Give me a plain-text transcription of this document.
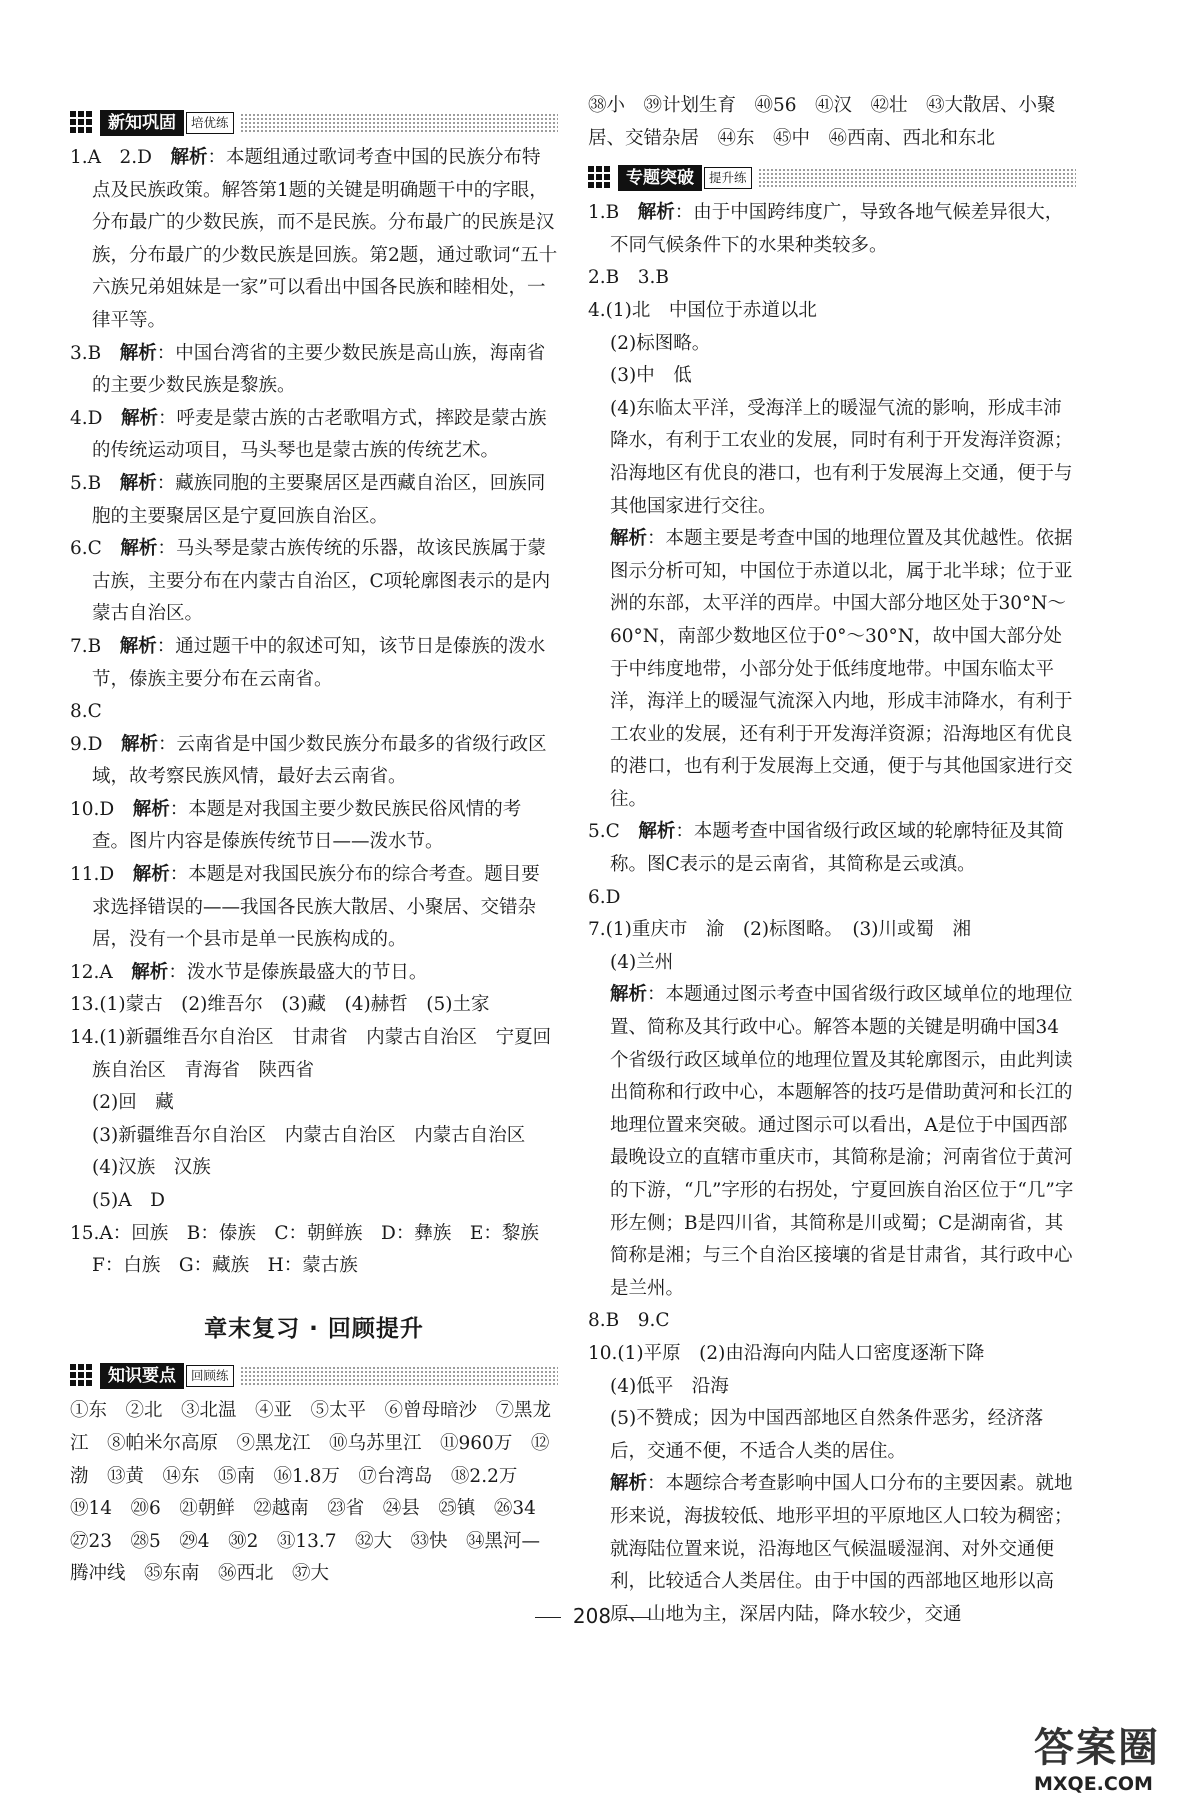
新知巩固	培优练

1.A　2.D　解析：本题组通过歌词考查中国的民族分布特点及民族政策。解答第1题的关键是明确题干中的字眼，分布最广的少数民族，而不是民族。分布最广的民族是汉族，分布最广的少数民族是回族。第2题，通过歌词“五十六族兄弟姐妹是一家”可以看出中国各民族和睦相处，一律平等。

3.B　解析：中国台湾省的主要少数民族是高山族，海南省的主要少数民族是黎族。

4.D　解析：呼麦是蒙古族的古老歌唱方式，摔跤是蒙古族的传统运动项目，马头琴也是蒙古族的传统艺术。

5.B　解析：藏族同胞的主要聚居区是西藏自治区，回族同胞的主要聚居区是宁夏回族自治区。

6.C　解析：马头琴是蒙古族传统的乐器，故该民族属于蒙古族，主要分布在内蒙古自治区，C项轮廓图表示的是内蒙古自治区。

7.B　解析：通过题干中的叙述可知，该节日是傣族的泼水节，傣族主要分布在云南省。

8.C

9.D　解析：云南省是中国少数民族分布最多的省级行政区域，故考察民族风情，最好去云南省。

10.D　解析：本题是对我国主要少数民族民俗风情的考查。图片内容是傣族传统节日——泼水节。

11.D　解析：本题是对我国民族分布的综合考查。题目要求选择错误的——我国各民族大散居、小聚居、交错杂居，没有一个县市是单一民族构成的。

12.A　解析：泼水节是傣族最盛大的节日。

13.(1)蒙古　(2)维吾尔　(3)藏　(4)赫哲　(5)土家

14.(1)新疆维吾尔自治区　甘肃省　内蒙古自治区　宁夏回族自治区　青海省　陕西省

(2)回　藏

(3)新疆维吾尔自治区　内蒙古自治区　内蒙古自治区

(4)汉族　汉族

(5)A　D

15.A：回族　B：傣族　C：朝鲜族　D：彝族　E：黎族　F：白族　G：藏族　H：蒙古族

章末复习 · 回顾提升
知识要点	回顾练

①东　②北　③北温　④亚　⑤太平　⑥曾母暗沙　⑦黑龙江　⑧帕米尔高原　⑨黑龙江　⑩乌苏里江　⑪960万　⑫渤　⑬黄　⑭东　⑮南　⑯1.8万　⑰台湾岛　⑱2.2万　⑲14　⑳6　㉑朝鲜　㉒越南　㉓省　㉔县　㉕镇　㉖34　㉗23　㉘5　㉙4　㉚2　㉛13.7　㉜大　㉝快　㉞黑河—腾冲线　㉟东南　㊱西北　㊲大

㊳小　㊴计划生育　㊵56　㊶汉　㊷壮　㊸大散居、小聚居、交错杂居　㊹东　㊺中　㊻西南、西北和东北

专题突破	提升练

1.B　解析：由于中国跨纬度广，导致各地气候差异很大，不同气候条件下的水果种类较多。

2.B　3.B

4.(1)北　中国位于赤道以北

(2)标图略。

(3)中　低

(4)东临太平洋，受海洋上的暖湿气流的影响，形成丰沛降水，有利于工农业的发展，同时有利于开发海洋资源；沿海地区有优良的港口，也有利于发展海上交通，便于与其他国家进行交往。

解析：本题主要是考查中国的地理位置及其优越性。依据图示分析可知，中国位于赤道以北，属于北半球；位于亚洲的东部，太平洋的西岸。中国大部分地区处于30°N～60°N，南部少数地区位于0°～30°N，故中国大部分处于中纬度地带，小部分处于低纬度地带。中国东临太平洋，海洋上的暖湿气流深入内地，形成丰沛降水，有利于工农业的发展，还有利于开发海洋资源；沿海地区有优良的港口，也有利于发展海上交通，便于与其他国家进行交往。

5.C　解析：本题考查中国省级行政区域的轮廓特征及其简称。图C表示的是云南省，其简称是云或滇。

6.D

7.(1)重庆市　渝　(2)标图略。　(3)川或蜀　湘

(4)兰州

解析：本题通过图示考查中国省级行政区域单位的地理位置、简称及其行政中心。解答本题的关键是明确中国34个省级行政区域单位的地理位置及其轮廓图示，由此判读出简称和行政中心，本题解答的技巧是借助黄河和长江的地理位置来突破。通过图示可以看出，A是位于中国西部最晚设立的直辖市重庆市，其简称是渝；河南省位于黄河的下游，“几”字形的右拐处，宁夏回族自治区位于“几”字形左侧；B是四川省，其简称是川或蜀；C是湖南省，其简称是湘；与三个自治区接壤的省是甘肃省，其行政中心是兰州。

8.B　9.C

10.(1)平原　(2)由沿海向内陆人口密度逐渐下降

(4)低平　沿海

(5)不赞成；因为中国西部地区自然条件恶劣，经济落后，交通不便，不适合人类的居住。

解析：本题综合考查影响中国人口分布的主要因素。就地形来说，海拔较低、地形平坦的平原地区人口较为稠密；就海陆位置来说，沿海地区气候温暖湿润、对外交通便利，比较适合人类居住。由于中国的西部地区地形以高原、山地为主，深居内陆，降水较少，交通

208
答案圈
MXQE.COM
